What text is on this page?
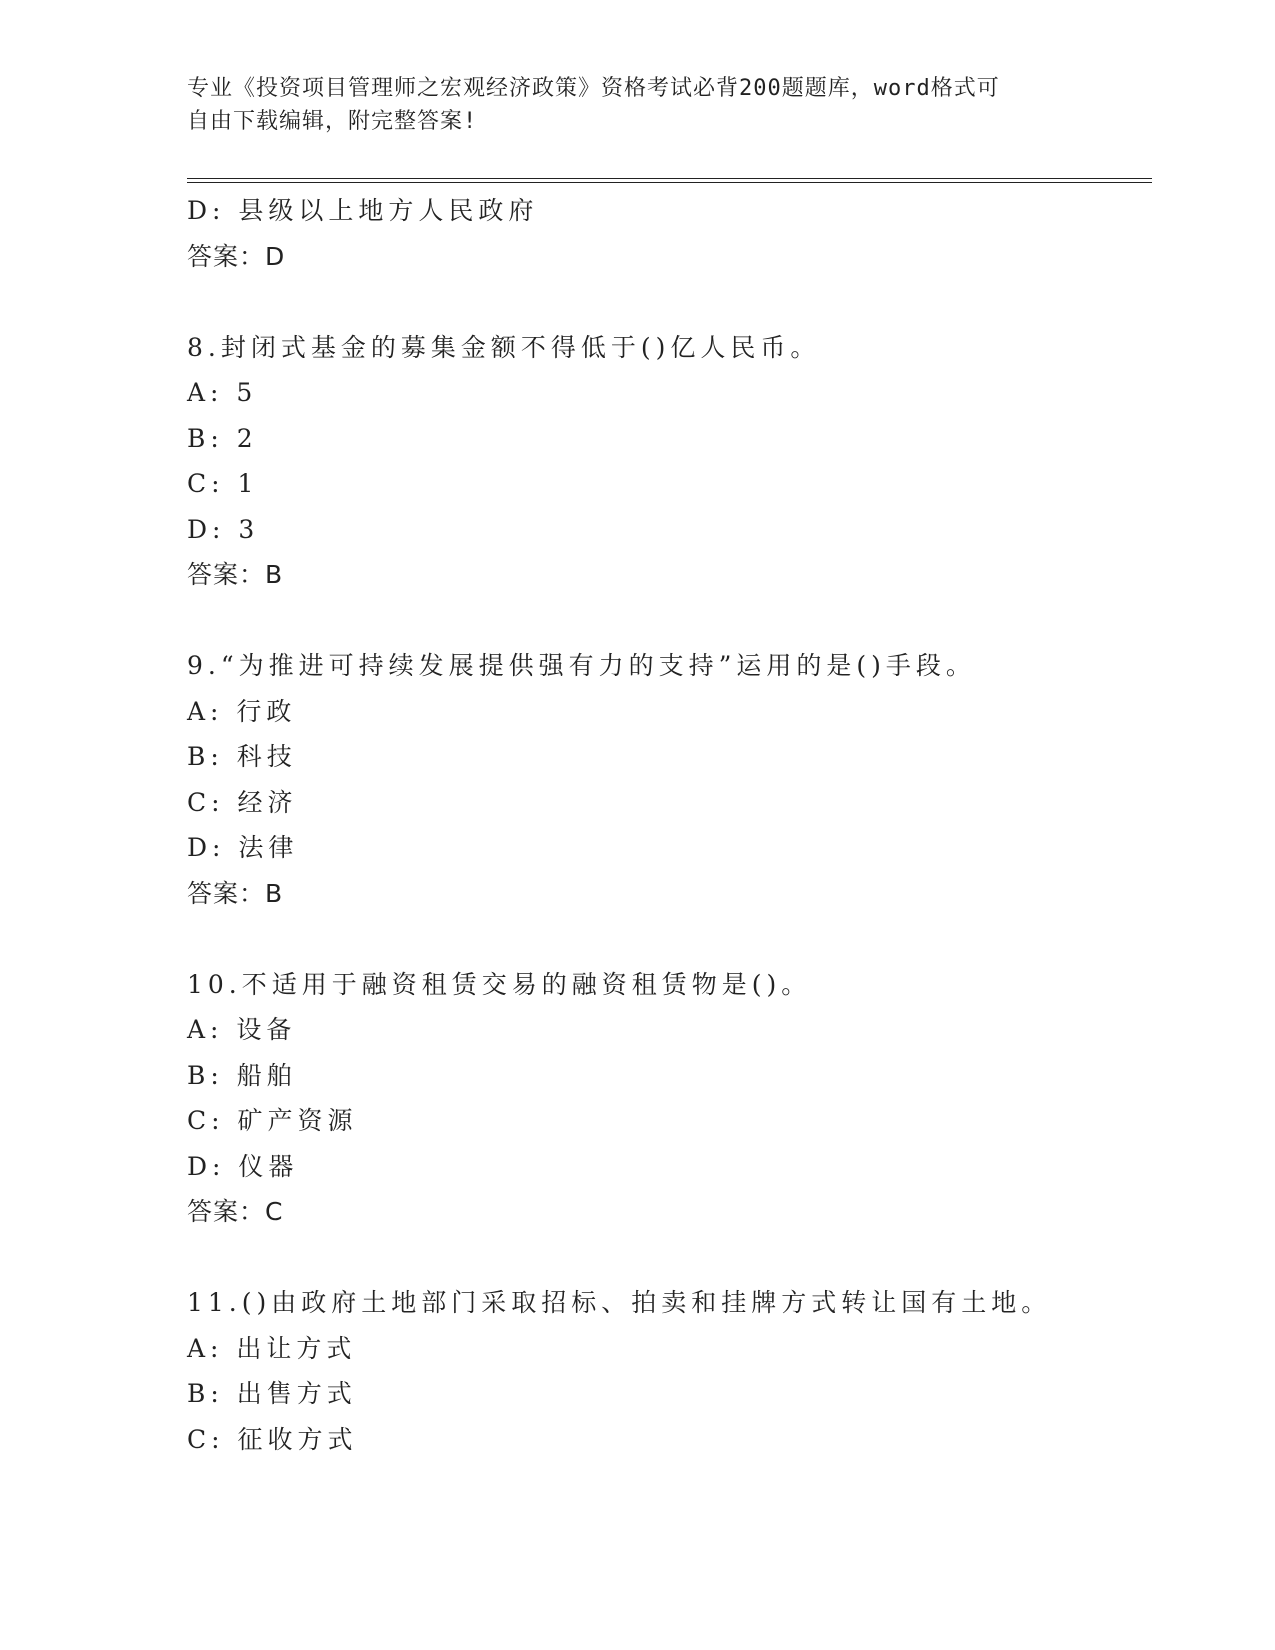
专业《投资项目管理师之宏观经济政策》资格考试必背200题题库，word格式可
自由下载编辑，附完整答案!
D: 县级以上地方人民政府
答案：D
8.封闭式基金的募集金额不得低于()亿人民币。
A: 5
B: 2
C: 1
D: 3
答案：B
9.“为推进可持续发展提供强有力的支持”运用的是()手段。
A: 行政
B: 科技
C: 经济
D: 法律
答案：B
10.不适用于融资租赁交易的融资租赁物是()。
A: 设备
B: 船舶
C: 矿产资源
D: 仪器
答案：C
11.()由政府土地部门采取招标、拍卖和挂牌方式转让国有土地。
A: 出让方式
B: 出售方式
C: 征收方式
